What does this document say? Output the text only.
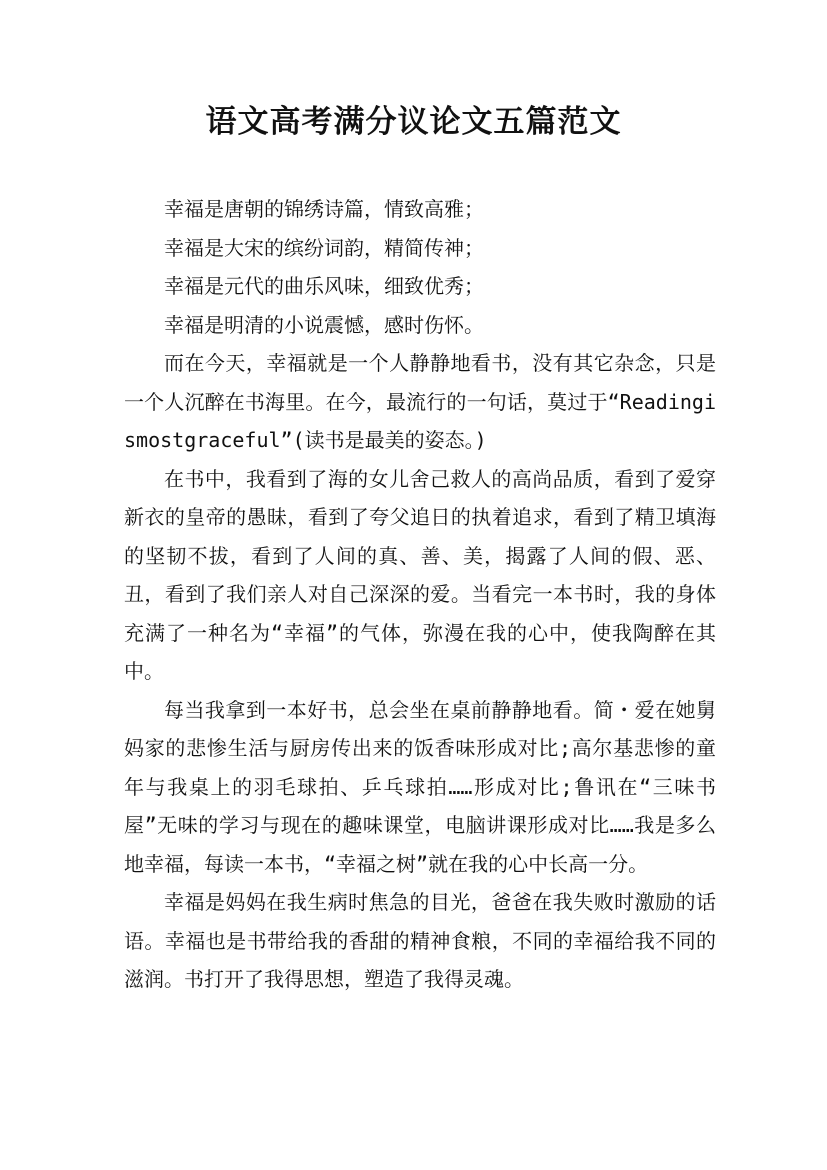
语文高考满分议论文五篇范文

幸福是唐朝的锦绣诗篇，情致高雅；

幸福是大宋的缤纷词韵，精简传神；

幸福是元代的曲乐风味，细致优秀；

幸福是明清的小说震憾，感时伤怀。

而在今天，幸福就是一个人静静地看书，没有其它杂念，只是一个人沉醉在书海里。在今，最流行的一句话，莫过于“Readingismostgraceful”(读书是最美的姿态。)

在书中，我看到了海的女儿舍己救人的高尚品质，看到了爱穿新衣的皇帝的愚昧，看到了夸父追日的执着追求，看到了精卫填海的坚韧不拔，看到了人间的真、善、美，揭露了人间的假、恶、丑，看到了我们亲人对自己深深的爱。当看完一本书时，我的身体充满了一种名为“幸福”的气体，弥漫在我的心中，使我陶醉在其中。

每当我拿到一本好书，总会坐在桌前静静地看。简・爱在她舅妈家的悲惨生活与厨房传出来的饭香味形成对比;高尔基悲惨的童年与我桌上的羽毛球拍、乒乓球拍……形成对比;鲁讯在“三味书屋”无味的学习与现在的趣味课堂，电脑讲课形成对比……我是多么地幸福，每读一本书，“幸福之树”就在我的心中长高一分。

幸福是妈妈在我生病时焦急的目光，爸爸在我失败时激励的话语。幸福也是书带给我的香甜的精神食粮，不同的幸福给我不同的滋润。书打开了我得思想，塑造了我得灵魂。
